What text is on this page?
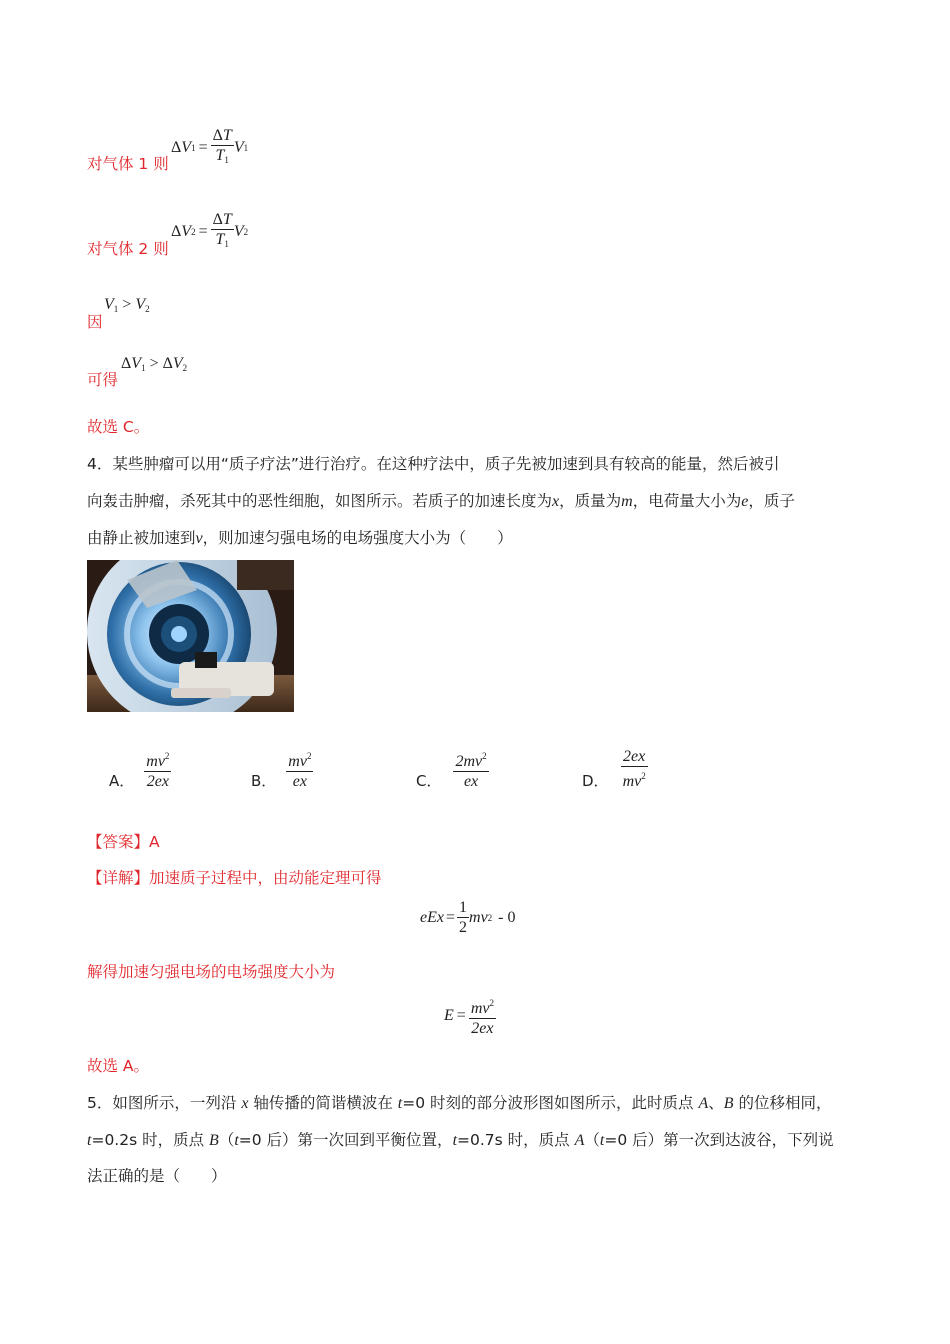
Δ V $1 = \frac{\Delta T}{T_1}$ V 1
对气体 1 则
Δ V $2 = \frac{\Delta T}{T_1}$ V 2
对气体 2 则
$V_1 > V_2$
因
$\Delta V_1 > \Delta V_2$
可得
故选 C。
4．某些肿瘤可以用“质子疗法”进行治疗。在这种疗法中，质子先被加速到具有较高的能量，然后被引
向轰击肿瘤，杀死其中的恶性细胞，如图所示。若质子的加速长度为x，质量为m，电荷量大小为e，质子
由静止被加速到v，则加速匀强电场的电场强度大小为（　　）
A． $\frac{mv^2}{2ex}$	B． $\frac{mv^2}{ex}$	C． $\frac{2mv^2}{ex}$	D． $\frac{2ex}{mv^2}$
【答案】A
【详解】加速质子过程中，由动能定理可得
eEx = $\frac{1}{2}$ mv 2 - 0
解得加速匀强电场的电场强度大小为
$E = \frac{mv^2}{2ex}$
故选 A。
5．如图所示，一列沿 x 轴传播的简谐横波在 t=0 时刻的部分波形图如图所示，此时质点 A、B 的位移相同，
t=0.2s 时，质点 B（t=0 后）第一次回到平衡位置，t=0.7s 时，质点 A（t=0 后）第一次到达波谷，下列说
法正确的是（　　）
